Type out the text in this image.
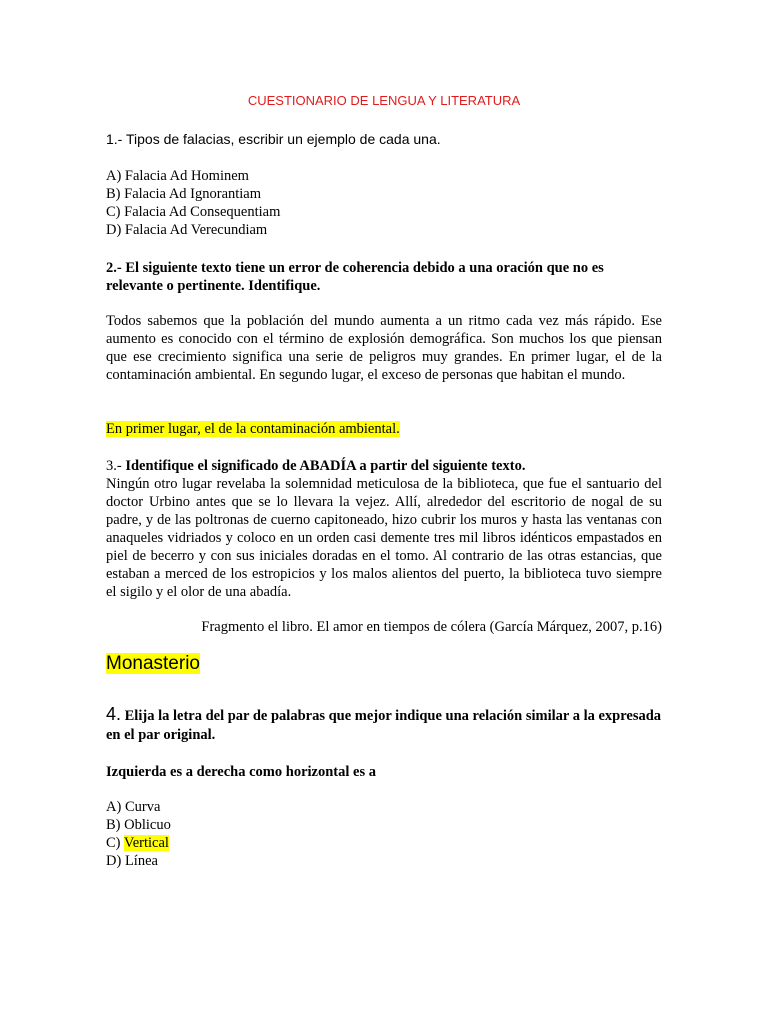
CUESTIONARIO DE LENGUA Y LITERATURA
1.- Tipos de falacias, escribir un ejemplo de cada una.
A) Falacia Ad Hominem
B) Falacia Ad Ignorantiam
C) Falacia Ad Consequentiam
D) Falacia Ad Verecundiam
2.- El siguiente texto tiene un error de coherencia debido a una oración que no es relevante o pertinente. Identifique.
Todos sabemos que la población del mundo aumenta a un ritmo cada vez más rápido. Ese aumento es conocido con el término de explosión demográfica. Son muchos los que piensan que ese crecimiento significa una serie de peligros muy grandes. En primer lugar, el de la contaminación ambiental. En segundo lugar, el exceso de personas que habitan el mundo.
En primer lugar, el de la contaminación ambiental.
3.- Identifique el significado de ABADÍA a partir del siguiente texto.
Ningún otro lugar revelaba la solemnidad meticulosa de la biblioteca, que fue el santuario del doctor Urbino antes que se lo llevara la vejez. Allí, alrededor del escritorio de nogal de su padre, y de las poltronas de cuerno capitoneado, hizo cubrir los muros y hasta las ventanas con anaqueles vidriados y coloco en un orden casi demente tres mil libros idénticos empastados en piel de becerro y con sus iniciales doradas en el tomo. Al contrario de las otras estancias, que estaban a merced de los estropicios y los malos alientos del puerto, la biblioteca tuvo siempre el sigilo y el olor de una abadía.
Fragmento el libro. El amor en tiempos de cólera (García Márquez, 2007, p.16)
Monasterio
4. Elija la letra del par de palabras que mejor indique una relación similar a la expresada en el par original.
Izquierda es a derecha como horizontal es a
A) Curva
B) Oblicuo
C) Vertical
D) Línea
